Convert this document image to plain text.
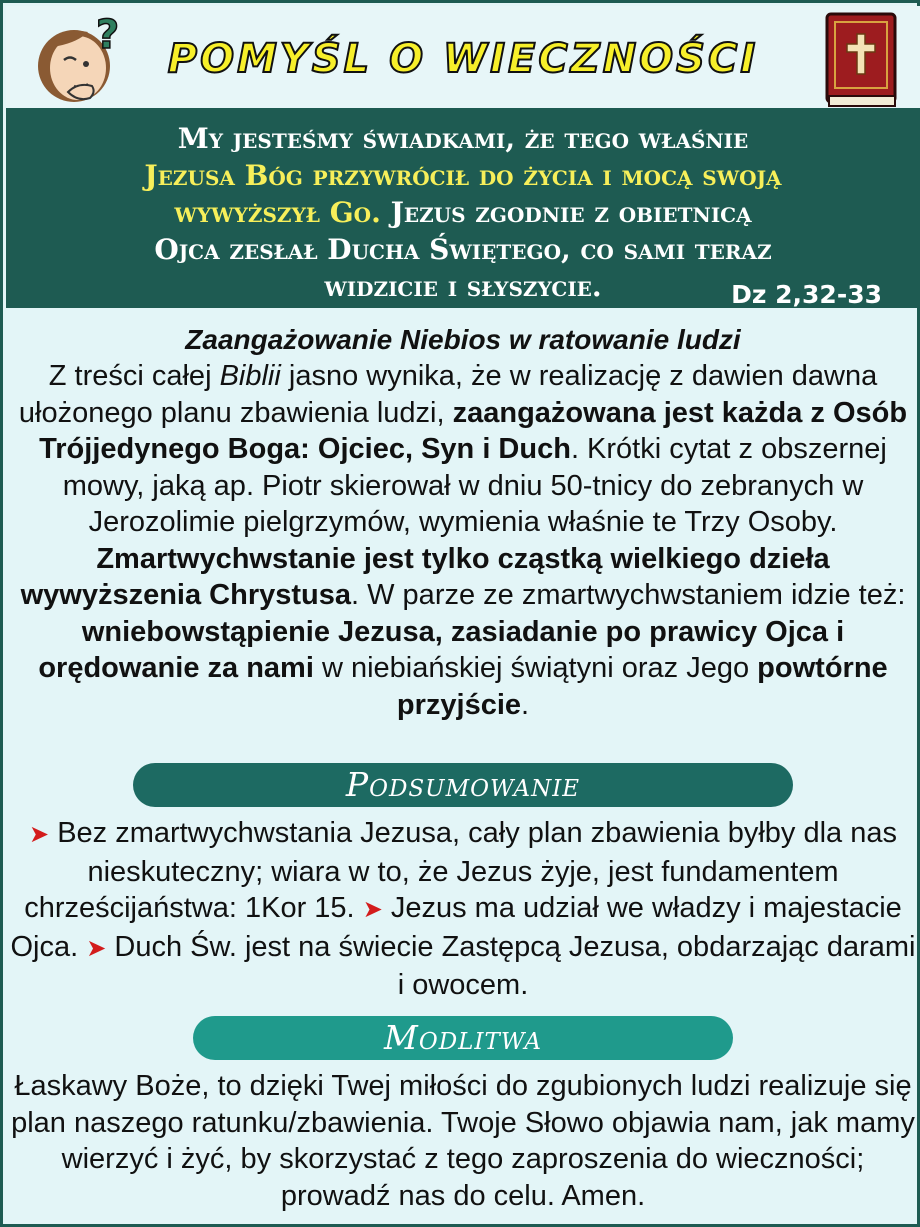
?
POMYŚL O WIECZNOŚCI
My jesteśmy świadkami, że tego właśnie
Jezusa Bóg przywrócił do życia i mocą swoją
wywyższył Go. Jezus zgodnie z obietnicą
Ojca zesłał Ducha Świętego, co sami teraz
widzicie i słyszycie.	Dz 2,32-33
Zaangażowanie Niebios w ratowanie ludzi
Z treści całej Biblii jasno wynika, że w realizację z dawien dawna ułożonego planu zbawienia ludzi, zaangażowana jest każda z Osób Trójjedynego Boga: Ojciec, Syn i Duch. Krótki cytat z obszernej mowy, jaką ap. Piotr skierował w dniu 50-tnicy do zebranych w Jerozolimie pielgrzymów, wymienia właśnie te Trzy Osoby. Zmartwychwstanie jest tylko cząstką wielkiego dzieła wywyższenia Chrystusa. W parze ze zmartwychwstaniem idzie też: wniebowstąpienie Jezusa, zasiadanie po prawicy Ojca i orędowanie za nami w niebiańskiej świątyni oraz Jego powtórne przyjście.
Podsumowanie
➤ Bez zmartwychwstania Jezusa, cały plan zbawienia byłby dla nas nieskuteczny; wiara w to, że Jezus żyje, jest fundamentem chrześcijaństwa: 1Kor 15. ➤ Jezus ma udział we władzy i majestacie Ojca. ➤ Duch Św. jest na świecie Zastępcą Jezusa, obdarzając darami i owocem.
Modlitwa
Łaskawy Boże, to dzięki Twej miłości do zgubionych ludzi realizuje się plan naszego ratunku/zbawienia. Twoje Słowo objawia nam, jak mamy wierzyć i żyć, by skorzystać z tego zaproszenia do wieczności; prowadź nas do celu. Amen.
